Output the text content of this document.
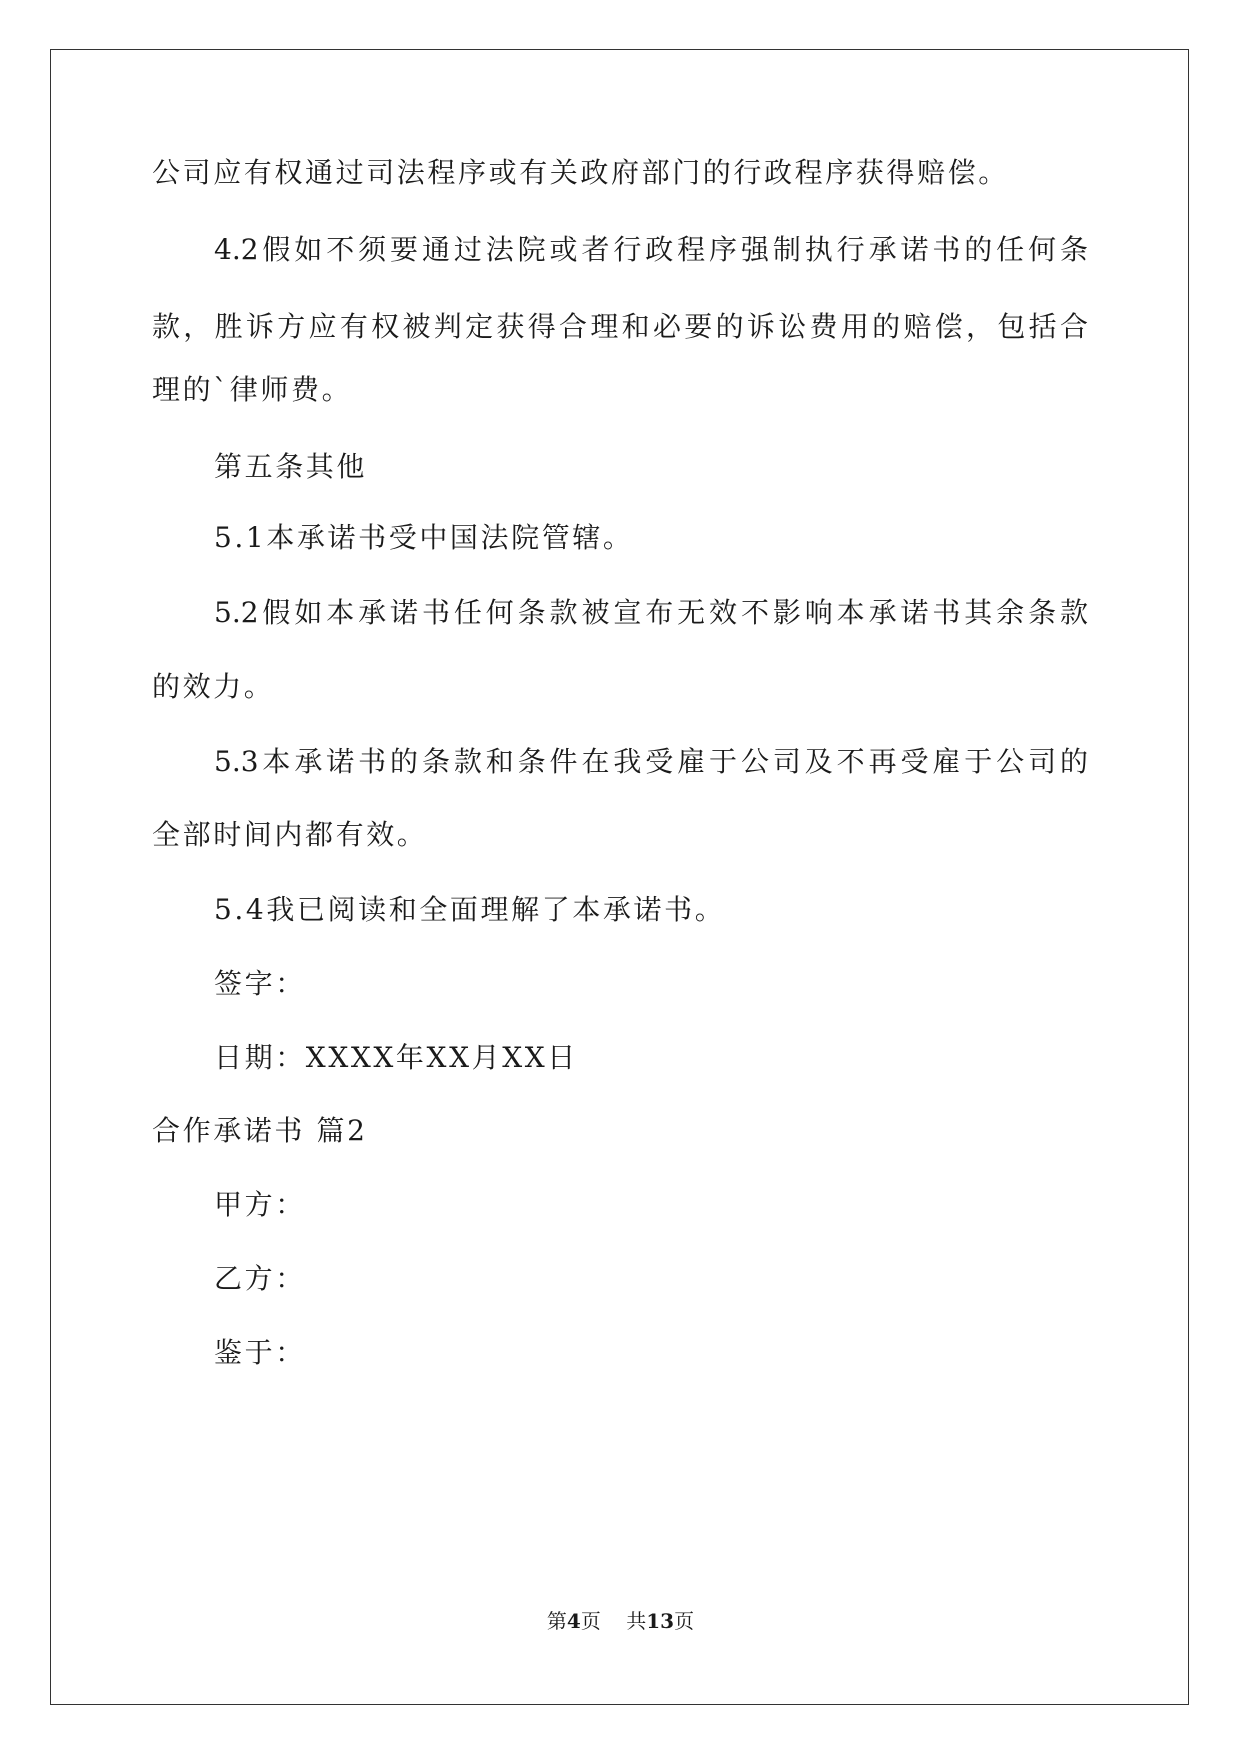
公司应有权通过司法程序或有关政府部门的行政程序获得赔偿。
4.2假如不须要通过法院或者行政程序强制执行承诺书的任何条
款，胜诉方应有权被判定获得合理和必要的诉讼费用的赔偿，包括合
理的`律师费。
第五条其他
5.1本承诺书受中国法院管辖。
5.2假如本承诺书任何条款被宣布无效不影响本承诺书其余条款
的效力。
5.3本承诺书的条款和条件在我受雇于公司及不再受雇于公司的
全部时间内都有效。
5.4我已阅读和全面理解了本承诺书。
签字：
日期：XXXX年XX月XX日
合作承诺书 篇2
甲方：
乙方：
鉴于：
第4页 共13页
